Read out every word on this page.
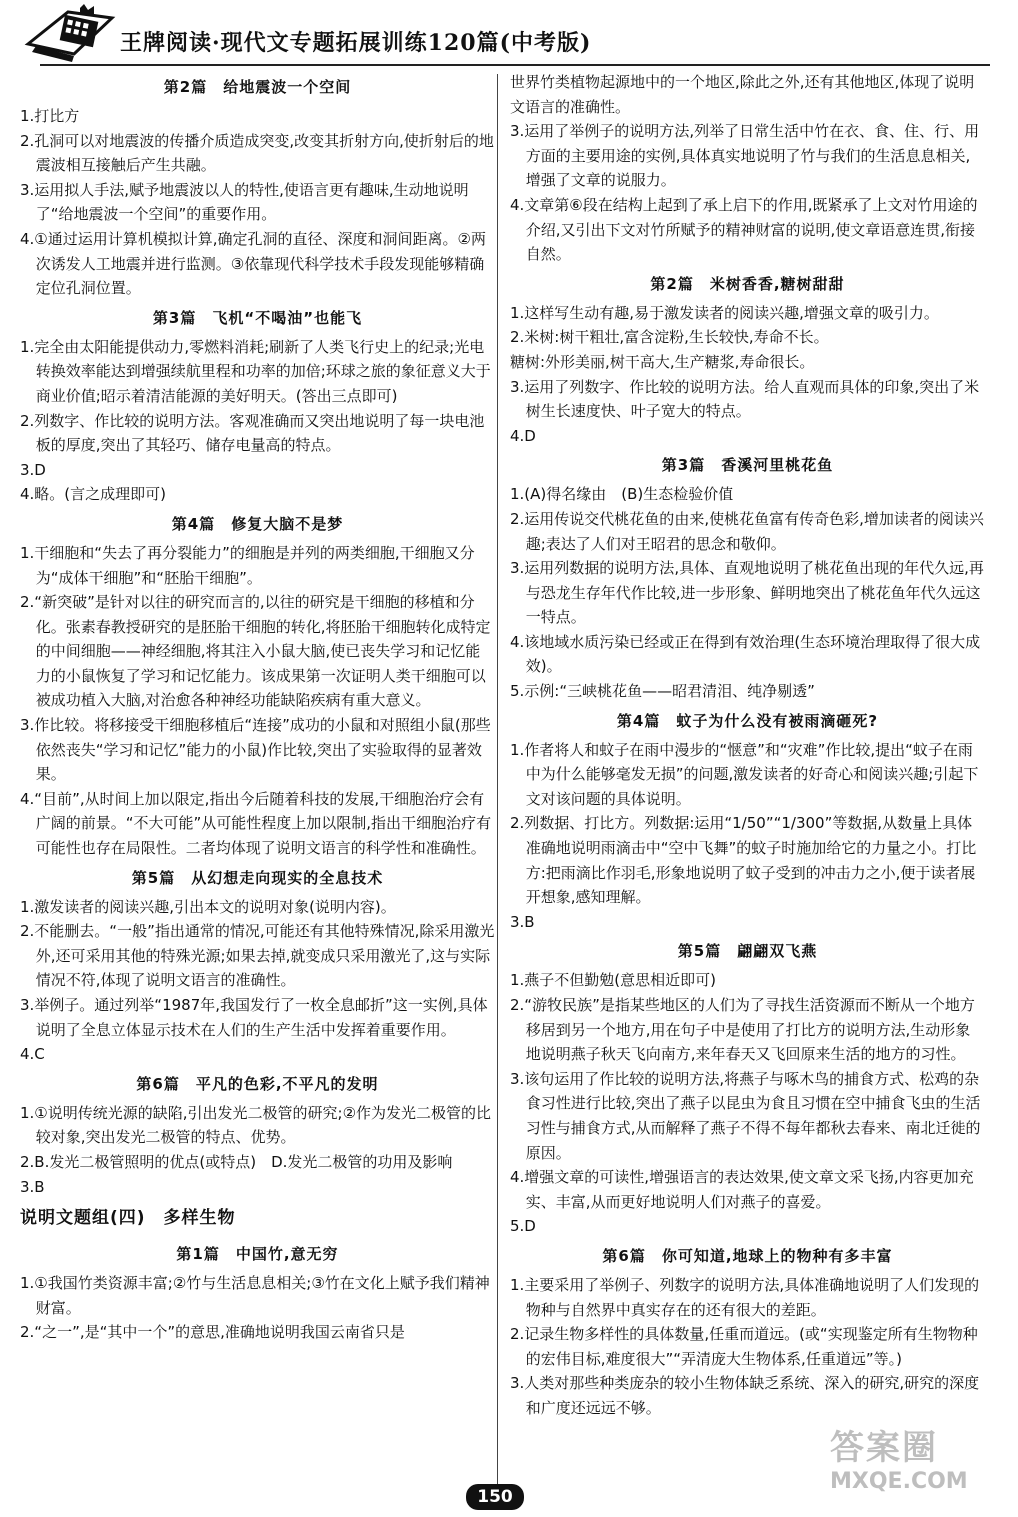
王牌阅读·现代文专题拓展训练120篇(中考版)
第2篇　给地震波一个空间
1.打比方
2.孔洞可以对地震波的传播介质造成突变,改变其折射方向,使折射后的地震波相互接触后产生共融。
3.运用拟人手法,赋予地震波以人的特性,使语言更有趣味,生动地说明了“给地震波一个空间”的重要作用。
4.①通过运用计算机模拟计算,确定孔洞的直径、深度和洞间距离。②两次诱发人工地震并进行监测。③依靠现代科学技术手段发现能够精确定位孔洞位置。
第3篇　飞机“不喝油”也能飞
1.完全由太阳能提供动力,零燃料消耗;刷新了人类飞行史上的纪录;光电转换效率能达到增强续航里程和功率的加倍;环球之旅的象征意义大于商业价值;昭示着清洁能源的美好明天。(答出三点即可)
2.列数字、作比较的说明方法。客观准确而又突出地说明了每一块电池板的厚度,突出了其轻巧、储存电量高的特点。
3.D
4.略。(言之成理即可)
第4篇　修复大脑不是梦
1.干细胞和“失去了再分裂能力”的细胞是并列的两类细胞,干细胞又分为“成体干细胞”和“胚胎干细胞”。
2.“新突破”是针对以往的研究而言的,以往的研究是干细胞的移植和分化。张素春教授研究的是胚胎干细胞的转化,将胚胎干细胞转化成特定的中间细胞——神经细胞,将其注入小鼠大脑,使已丧失学习和记忆能力的小鼠恢复了学习和记忆能力。该成果第一次证明人类干细胞可以被成功植入大脑,对治愈各种神经功能缺陷疾病有重大意义。
3.作比较。将移接受干细胞移植后“连接”成功的小鼠和对照组小鼠(那些依然丧失“学习和记忆”能力的小鼠)作比较,突出了实验取得的显著效果。
4.“目前”,从时间上加以限定,指出今后随着科技的发展,干细胞治疗会有广阔的前景。“不大可能”从可能性程度上加以限制,指出干细胞治疗有可能性也存在局限性。二者均体现了说明文语言的科学性和准确性。
第5篇　从幻想走向现实的全息技术
1.激发读者的阅读兴趣,引出本文的说明对象(说明内容)。
2.不能删去。“一般”指出通常的情况,可能还有其他特殊情况,除采用激光外,还可采用其他的特殊光源;如果去掉,就变成只采用激光了,这与实际情况不符,体现了说明文语言的准确性。
3.举例子。通过列举“1987年,我国发行了一枚全息邮折”这一实例,具体说明了全息立体显示技术在人们的生产生活中发挥着重要作用。
4.C
第6篇　平凡的色彩,不平凡的发明
1.①说明传统光源的缺陷,引出发光二极管的研究;②作为发光二极管的比较对象,突出发光二极管的特点、优势。
2.B.发光二极管照明的优点(或特点)　D.发光二极管的功用及影响
3.B
说明文题组(四)　多样生物
第1篇　中国竹,意无穷
1.①我国竹类资源丰富;②竹与生活息息相关;③竹在文化上赋予我们精神财富。
2.“之一”,是“其中一个”的意思,准确地说明我国云南省只是
世界竹类植物起源地中的一个地区,除此之外,还有其他地区,体现了说明文语言的准确性。
3.运用了举例子的说明方法,列举了日常生活中竹在衣、食、住、行、用方面的主要用途的实例,具体真实地说明了竹与我们的生活息息相关,增强了文章的说服力。
4.文章第⑥段在结构上起到了承上启下的作用,既紧承了上文对竹用途的介绍,又引出下文对竹所赋予的精神财富的说明,使文章语意连贯,衔接自然。
第2篇　米树香香,糖树甜甜
1.这样写生动有趣,易于激发读者的阅读兴趣,增强文章的吸引力。
2.米树:树干粗壮,富含淀粉,生长较快,寿命不长。
糖树:外形美丽,树干高大,生产糖浆,寿命很长。
3.运用了列数字、作比较的说明方法。给人直观而具体的印象,突出了米树生长速度快、叶子宽大的特点。
4.D
第3篇　香溪河里桃花鱼
1.(A)得名缘由　(B)生态检验价值
2.运用传说交代桃花鱼的由来,使桃花鱼富有传奇色彩,增加读者的阅读兴趣;表达了人们对王昭君的思念和敬仰。
3.运用列数据的说明方法,具体、直观地说明了桃花鱼出现的年代久远,再与恐龙生存年代作比较,进一步形象、鲜明地突出了桃花鱼年代久远这一特点。
4.该地域水质污染已经或正在得到有效治理(生态环境治理取得了很大成效)。
5.示例:“三峡桃花鱼——昭君清泪、纯净剔透”
第4篇　蚊子为什么没有被雨滴砸死?
1.作者将人和蚊子在雨中漫步的“惬意”和“灾难”作比较,提出“蚊子在雨中为什么能够毫发无损”的问题,激发读者的好奇心和阅读兴趣;引起下文对该问题的具体说明。
2.列数据、打比方。列数据:运用“1/50”“1/300”等数据,从数量上具体准确地说明雨滴击中“空中飞舞”的蚊子时施加给它的力量之小。打比方:把雨滴比作羽毛,形象地说明了蚊子受到的冲击力之小,便于读者展开想象,感知理解。
3.B
第5篇　翩翩双飞燕
1.燕子不但勤勉(意思相近即可)
2.“游牧民族”是指某些地区的人们为了寻找生活资源而不断从一个地方移居到另一个地方,用在句子中是使用了打比方的说明方法,生动形象地说明燕子秋天飞向南方,来年春天又飞回原来生活的地方的习性。
3.该句运用了作比较的说明方法,将燕子与啄木鸟的捕食方式、松鸡的杂食习性进行比较,突出了燕子以昆虫为食且习惯在空中捕食飞虫的生活习性与捕食方式,从而解释了燕子不得不每年都秋去春来、南北迁徙的原因。
4.增强文章的可读性,增强语言的表达效果,使文章文采飞扬,内容更加充实、丰富,从而更好地说明人们对燕子的喜爱。
5.D
第6篇　你可知道,地球上的物种有多丰富
1.主要采用了举例子、列数字的说明方法,具体准确地说明了人们发现的物种与自然界中真实存在的还有很大的差距。
2.记录生物多样性的具体数量,任重而道远。(或“实现鉴定所有生物物种的宏伟目标,难度很大”“弄清庞大生物体系,任重道远”等。)
3.人类对那些种类庞杂的较小生物体缺乏系统、深入的研究,研究的深度和广度还远远不够。
150
答案圈
MXQE.COM
